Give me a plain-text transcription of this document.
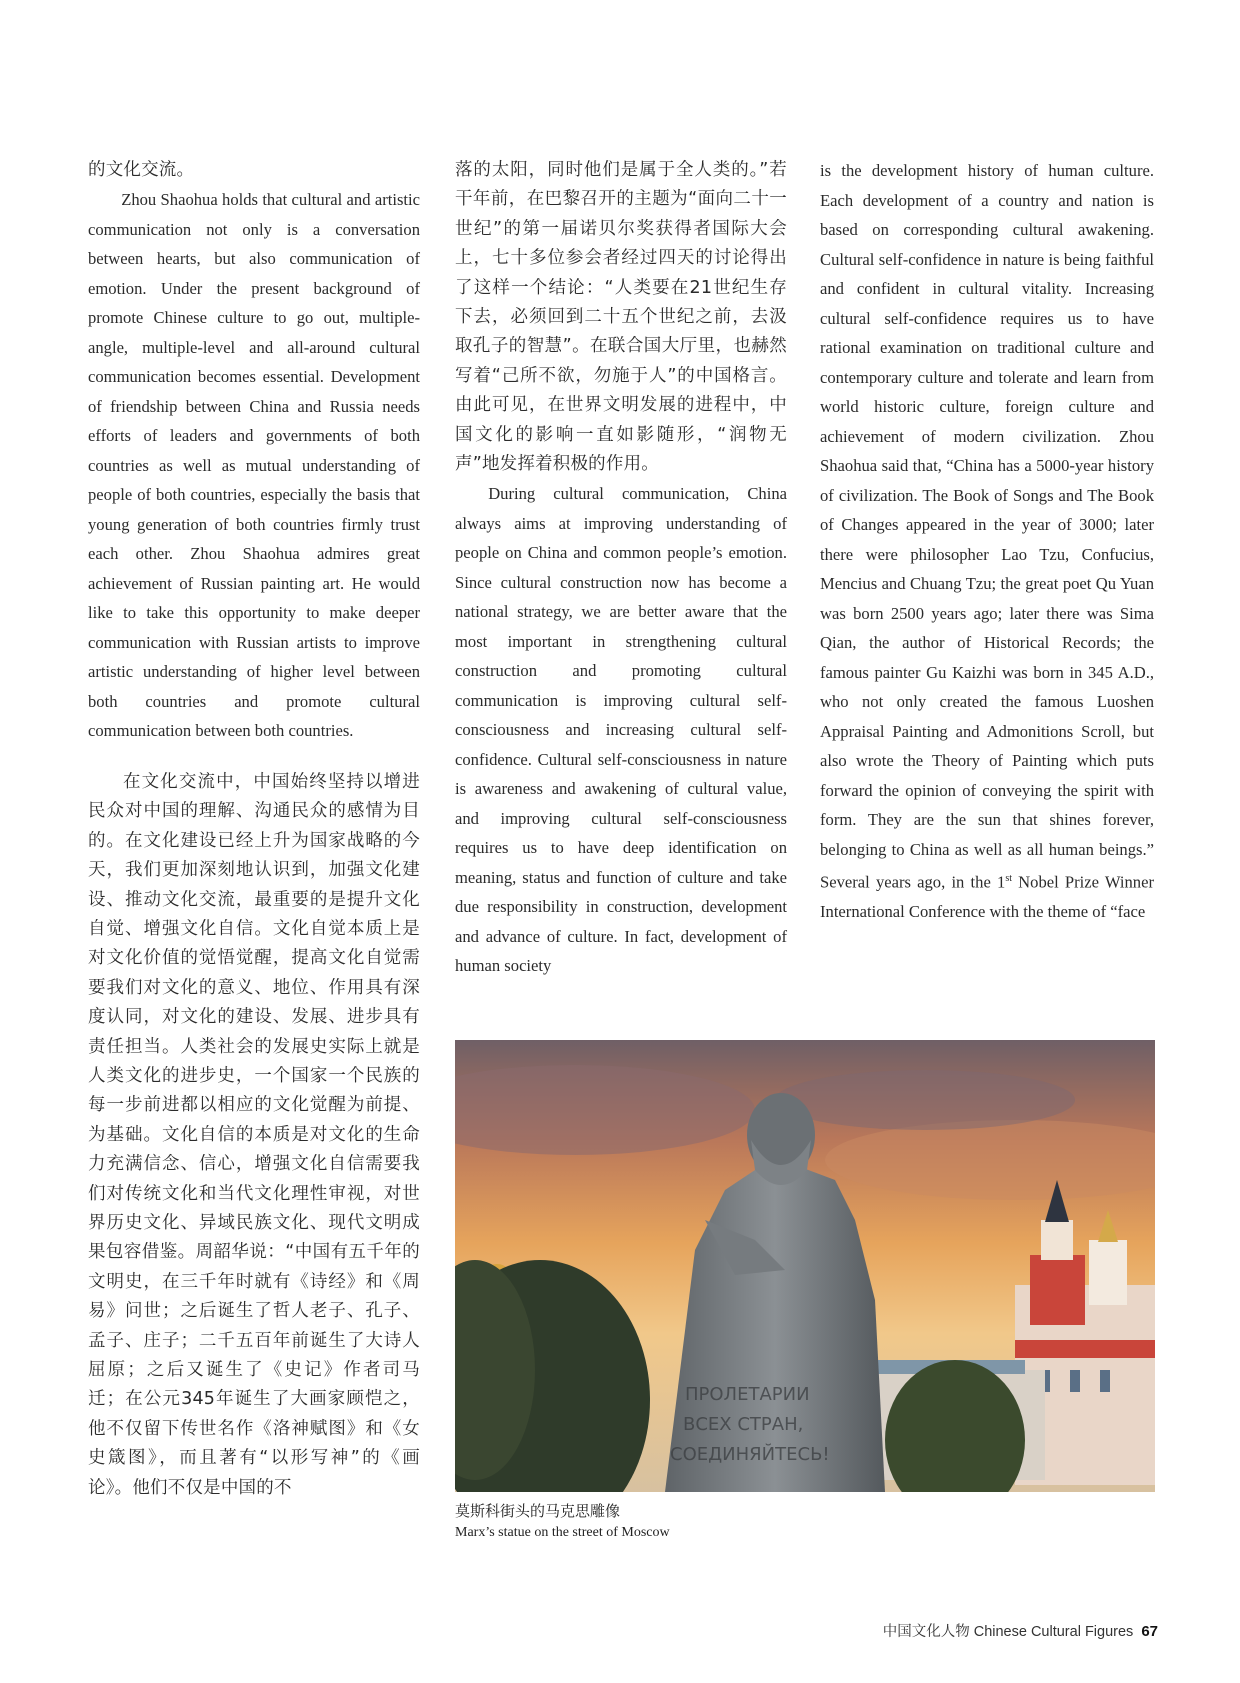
的文化交流。

Zhou Shaohua holds that cultural and artistic communication not only is a conversation between hearts, but also communication of emotion. Under the present background of promote Chinese culture to go out, multiple-angle, multiple-level and all-around cultural communication becomes essential. Development of friendship between China and Russia needs efforts of leaders and governments of both countries as well as mutual understanding of people of both countries, especially the basis that young generation of both countries firmly trust each other. Zhou Shaohua admires great achievement of Russian painting art. He would like to take this opportunity to make deeper communication with Russian artists to improve artistic understanding of higher level between both countries and promote cultural communication between both countries.

在文化交流中，中国始终坚持以增进民众对中国的理解、沟通民众的感情为目的。在文化建设已经上升为国家战略的今天，我们更加深刻地认识到，加强文化建设、推动文化交流，最重要的是提升文化自觉、增强文化自信。文化自觉本质上是对文化价值的觉悟觉醒，提高文化自觉需要我们对文化的意义、地位、作用具有深度认同，对文化的建设、发展、进步具有责任担当。人类社会的发展史实际上就是人类文化的进步史，一个国家一个民族的每一步前进都以相应的文化觉醒为前提、为基础。文化自信的本质是对文化的生命力充满信念、信心，增强文化自信需要我们对传统文化和当代文化理性审视，对世界历史文化、异域民族文化、现代文明成果包容借鉴。周韶华说：“中国有五千年的文明史，在三千年时就有《诗经》和《周易》问世；之后诞生了哲人老子、孔子、孟子、庄子；二千五百年前诞生了大诗人屈原；之后又诞生了《史记》作者司马迁；在公元345年诞生了大画家顾恺之，他不仅留下传世名作《洛神赋图》和《女史箴图》，而且著有“以形写神”的《画论》。他们不仅是中国的不

落的太阳，同时他们是属于全人类的。”若干年前，在巴黎召开的主题为“面向二十一世纪”的第一届诺贝尔奖获得者国际大会上，七十多位参会者经过四天的讨论得出了这样一个结论：“人类要在21世纪生存下去，必须回到二十五个世纪之前，去汲取孔子的智慧”。在联合国大厅里，也赫然写着“己所不欲，勿施于人”的中国格言。由此可见，在世界文明发展的进程中，中国文化的影响一直如影随形，“润物无声”地发挥着积极的作用。

During cultural communication, China always aims at improving understanding of people on China and common people’s emotion. Since cultural construction now has become a national strategy, we are better aware that the most important in strengthening cultural construction and promoting cultural communication is improving cultural self-consciousness and increasing cultural self-confidence. Cultural self-consciousness in nature is awareness and awakening of cultural value, and improving cultural self-consciousness requires us to have deep identification on meaning, status and function of culture and take due responsibility in construction, development and advance of culture. In fact, development of human society

is the development history of human culture. Each development of a country and nation is based on corresponding cultural awakening. Cultural self-confidence in nature is being faithful and confident in cultural vitality. Increasing cultural self-confidence requires us to have rational examination on traditional culture and contemporary culture and tolerate and learn from world historic culture, foreign culture and achievement of modern civilization. Zhou Shaohua said that, “China has a 5000-year history of civilization. The Book of Songs and The Book of Changes appeared in the year of 3000; later there were philosopher Lao Tzu, Confucius, Mencius and Chuang Tzu; the great poet Qu Yuan was born 2500 years ago; later there was Sima Qian, the author of Historical Records; the famous painter Gu Kaizhi was born in 345 A.D., who not only created the famous Luoshen Appraisal Painting and Admonitions Scroll, but also wrote the Theory of Painting which puts forward the opinion of conveying the spirit with form. They are the sun that shines forever, belonging to China as well as all human beings.” Several years ago, in the 1st Nobel Prize Winner International Conference with the theme of “face

ПРОЛЕТАРИИ
ВСЕХ СТРАН,
СОЕДИНЯЙТЕСЬ!
莫斯科街头的马克思雕像
Marx’s statue on the street of Moscow
中国文化人物 Chinese Cultural Figures 67
